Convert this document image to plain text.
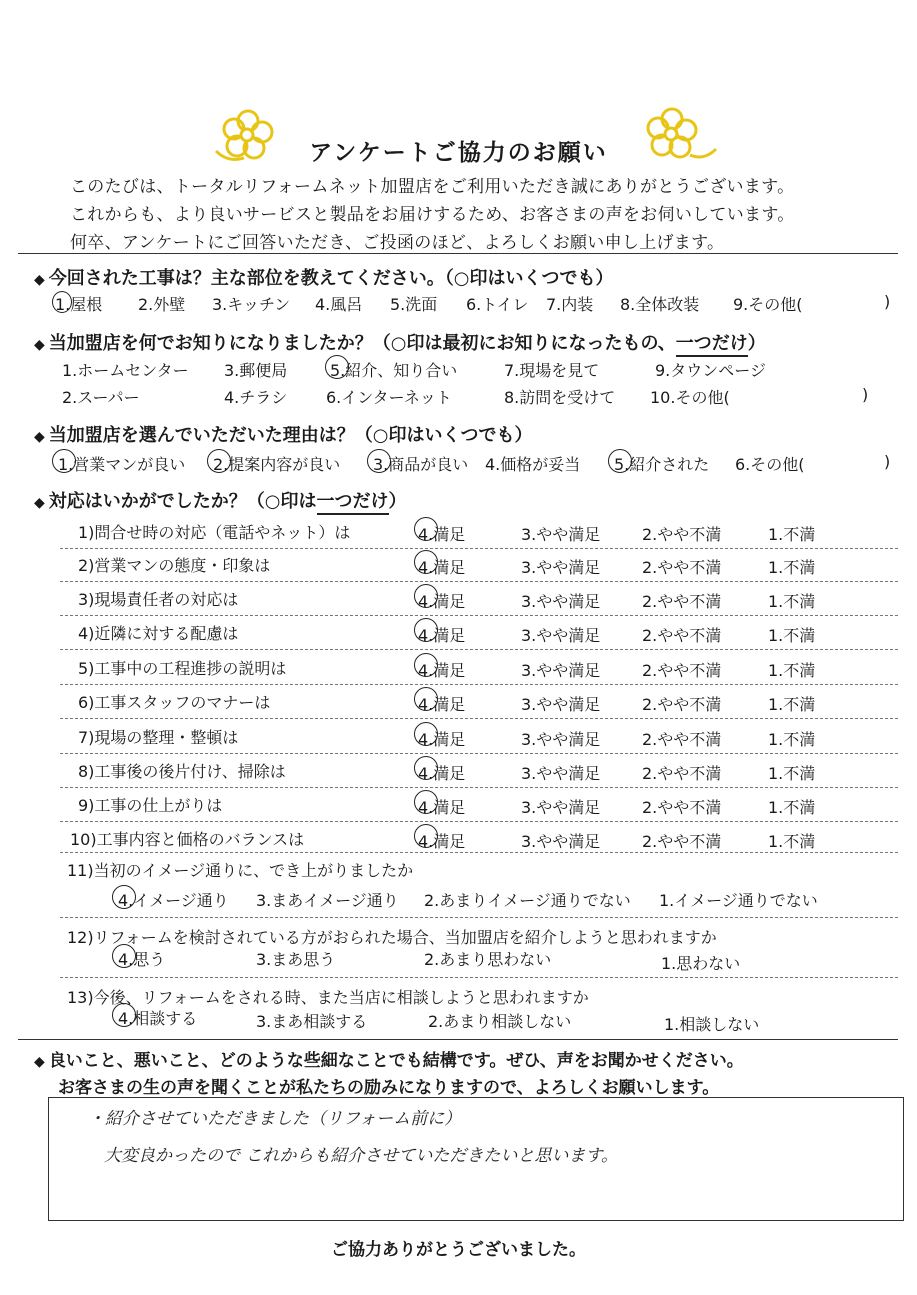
アンケートご協力のお願い
このたびは、トータルリフォームネット加盟店をご利用いただき誠にありがとうございます。
これからも、より良いサービスと製品をお届けするため、お客さまの声をお伺いしています。
何卒、アンケートにご回答いただき、ご投函のほど、よろしくお願い申し上げます。
◆ 今回された工事は？主な部位を教えてください。（○印はいくつでも）
1.屋根 2.外壁 3.キッチン 4.風呂 5.洗面 6.トイレ 7.内装 8.全体改装 9.その他(	)
◆ 当加盟店を何でお知りになりましたか？（○印は最初にお知りになったもの、一つだけ）
1.ホームセンター 3.郵便局	5.紹介、知り合い	7.現場を見て	9.タウンページ
2.スーパー	4.チラシ 6.インターネット	8.訪問を受けて 10.その他(	)
◆ 当加盟店を選んでいただいた理由は？（○印はいくつでも）
1.営業マンが良い 2.提案内容が良い 3.商品が良い 4.価格が妥当 5.紹介された 6.その他(	)
◆ 対応はいかがでしたか？（○印は一つだけ）
1)問合せ時の対応（電話やネット）は	4.満足	3.やや満足	2.やや不満	1.不満
2)営業マンの態度・印象は	4.満足	3.やや満足	2.やや不満	1.不満
3)現場責任者の対応は	4.満足	3.やや満足	2.やや不満	1.不満
4)近隣に対する配慮は	4.満足	3.やや満足	2.やや不満	1.不満
5)工事中の工程進捗の説明は	4.満足	3.やや満足	2.やや不満	1.不満
6)工事スタッフのマナーは	4.満足	3.やや満足	2.やや不満	1.不満
7)現場の整理・整頓は	4.満足	3.やや満足	2.やや不満	1.不満
8)工事後の後片付け、掃除は	4.満足	3.やや満足	2.やや不満	1.不満
9)工事の仕上がりは	4.満足	3.やや満足	2.やや不満	1.不満
10)工事内容と価格のバランスは	4.満足	3.やや満足	2.やや不満	1.不満
11)当初のイメージ通りに、でき上がりましたか
4.イメージ通り 3.まあイメージ通り 2.あまりイメージ通りでない 1.イメージ通りでない
12)リフォームを検討されている方がおられた場合、当加盟店を紹介しようと思われますか
4.思う	3.まあ思う	2.あまり思わない	1.思わない
13)今後、リフォームをされる時、また当店に相談しようと思われますか
4.相談する	3.まあ相談する	2.あまり相談しない	1.相談しない
◆ 良いこと、悪いこと、どのような些細なことでも結構です。ぜひ、声をお聞かせください。
お客さまの生の声を聞くことが私たちの励みになりますので、よろしくお願いします。
・紹介させていただきました（リフォーム前に）
大変良かったので これからも紹介させていただきたいと思います。
ご協力ありがとうございました。
